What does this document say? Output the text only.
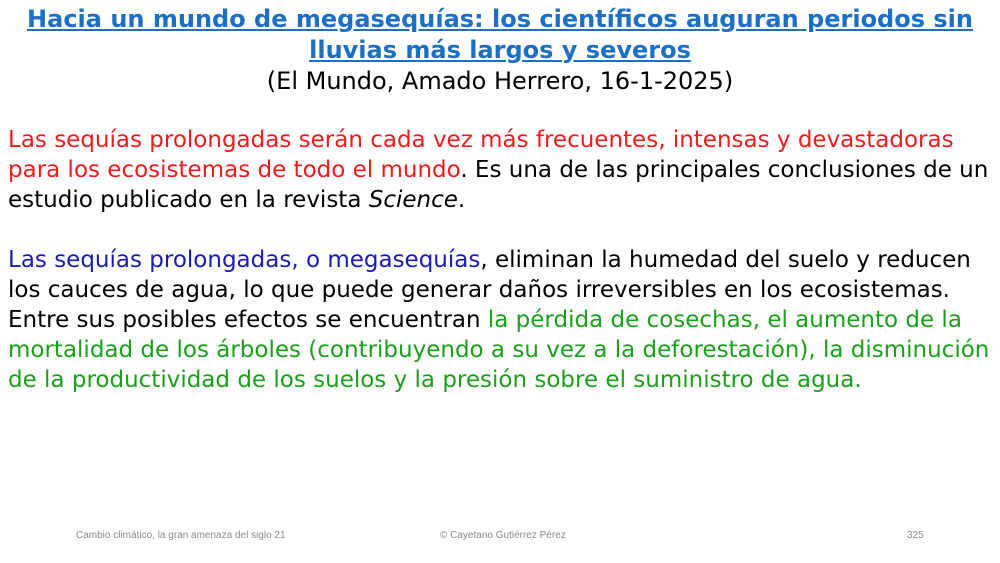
Hacia un mundo de megasequías: los científicos auguran periodos sin lluvias más largos y severos

(El Mundo, Amado Herrero, 16-1-2025)

Las sequías prolongadas serán cada vez más frecuentes, intensas y devastadoras para los ecosistemas de todo el mundo. Es una de las principales conclusiones de un estudio publicado en la revista Science.

Las sequías prolongadas, o megasequías, eliminan la humedad del suelo y reducen los cauces de agua, lo que puede generar daños irreversibles en los ecosistemas. Entre sus posibles efectos se encuentran la pérdida de cosechas, el aumento de la mortalidad de los árboles (contribuyendo a su vez a la deforestación), la disminución de la productividad de los suelos y la presión sobre el suministro de agua.

Cambio climático, la gran amenaza del siglo 21	© Cayetano Gutiérrez Pérez	325
